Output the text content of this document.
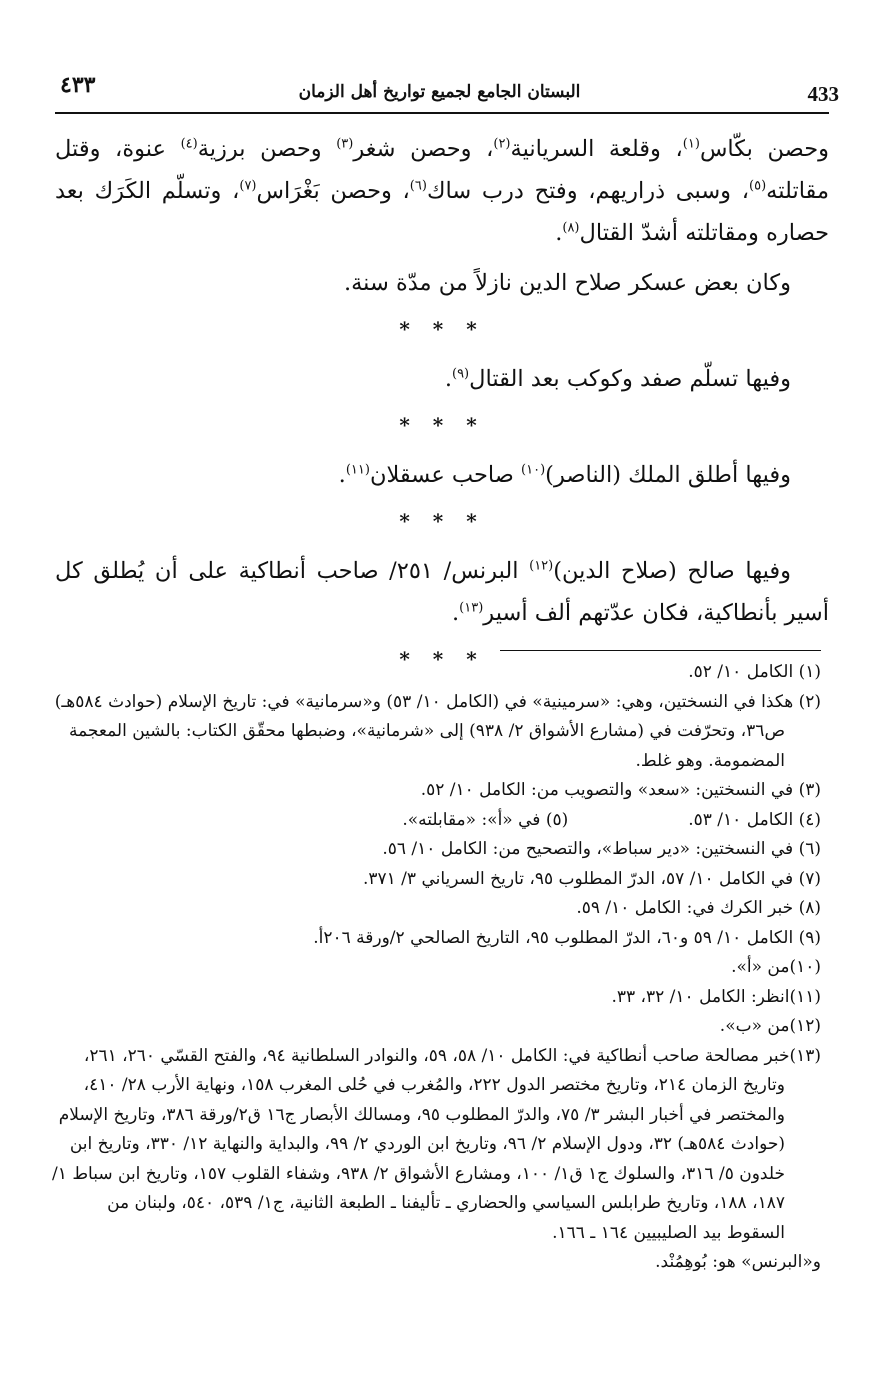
٤٣٣	البستان الجامع لجميع تواريخ أهل الزمان	433

وحصن بكّاس$^{(١)}$، وقلعة السريانية$^{(٢)}$، وحصن شغر$^{(٣)}$ وحصن برزية$^{(٤)}$ عنوة، وقتل مقاتلته$^{(٥)}$، وسبى ذراريهم، وفتح درب ساك$^{(٦)}$، وحصن بَغْرَاس$^{(٧)}$، وتسلّم الكَرَك بعد حصاره ومقاتلته أشدّ القتال$^{(٨)}$.

وكان بعض عسكر صلاح الدين نازلاً من مدّة سنة.

* * *

وفيها تسلّم صفد وكوكب بعد القتال$^{(٩)}$.

* * *

وفيها أطلق الملك (الناصر)$^{(١٠)}$ صاحب عسقلان$^{(١١)}$.

* * *

وفيها صالح (صلاح الدين)$^{(١٢)}$ البرنس/ ٢٥١/ صاحب أنطاكية على أن يُطلق كل أسير بأنطاكية، فكان عدّتهم ألف أسير$^{(١٣)}$.

* * *

(١) الكامل ١٠/ ٥٢.

(٢) هكذا في النسختين، وهي: «سرمينية» في (الكامل ١٠/ ٥٣) و«سرمانية» في: تاريخ الإسلام (حوادث ٥٨٤هـ) ص٣٦، وتحرّفت في (مشارع الأشواق ٢/ ٩٣٨) إلى «شرمانية»، وضبطها محقّق الكتاب: بالشين المعجمة المضمومة. وهو غلط.

(٣) في النسختين: «سعد» والتصويب من: الكامل ١٠/ ٥٢.

(٤) الكامل ١٠/ ٥٣.

(٥) في «أ»: «مقابلته».

(٦) في النسختين: «دير سباط»، والتصحيح من: الكامل ١٠/ ٥٦.

(٧) في الكامل ١٠/ ٥٧، الدرّ المطلوب ٩٥، تاريخ السرياني ٣/ ٣٧١.

(٨) خبر الكرك في: الكامل ١٠/ ٥٩.

(٩) الكامل ١٠/ ٥٩ و٦٠، الدرّ المطلوب ٩٥، التاريخ الصالحي ٢/ورقة ٢٠٦أ.

(١٠)من «أ».

(١١)انظر: الكامل ١٠/ ٣٢، ٣٣.

(١٢)من «ب».

(١٣)خبر مصالحة صاحب أنطاكية في: الكامل ١٠/ ٥٨، ٥٩، والنوادر السلطانية ٩٤، والفتح القسّي ٢٦٠، ٢٦١، وتاريخ الزمان ٢١٤، وتاريخ مختصر الدول ٢٢٢، والمُغرب في حُلى المغرب ١٥٨، ونهاية الأرب ٢٨/ ٤١٠، والمختصر في أخبار البشر ٣/ ٧٥، والدرّ المطلوب ٩٥، ومسالك الأبصار ج١٦ ق٢/ورقة ٣٨٦، وتاريخ الإسلام (حوادث ٥٨٤هـ) ٣٢، ودول الإسلام ٢/ ٩٦، وتاريخ ابن الوردي ٢/ ٩٩، والبداية والنهاية ١٢/ ٣٣٠، وتاريخ ابن خلدون ٥/ ٣١٦، والسلوك ج١ ق١/ ١٠٠، ومشارع الأشواق ٢/ ٩٣٨، وشفاء القلوب ١٥٧، وتاريخ ابن سباط ١/ ١٨٧، ١٨٨، وتاريخ طرابلس السياسي والحضاري ـ تأليفنا ـ الطبعة الثانية، ج١/ ٥٣٩، ٥٤٠، ولبنان من السقوط بيد الصليبيين ١٦٤ ـ ١٦٦.

و«البرنس» هو: بُوهِمُنْد.
